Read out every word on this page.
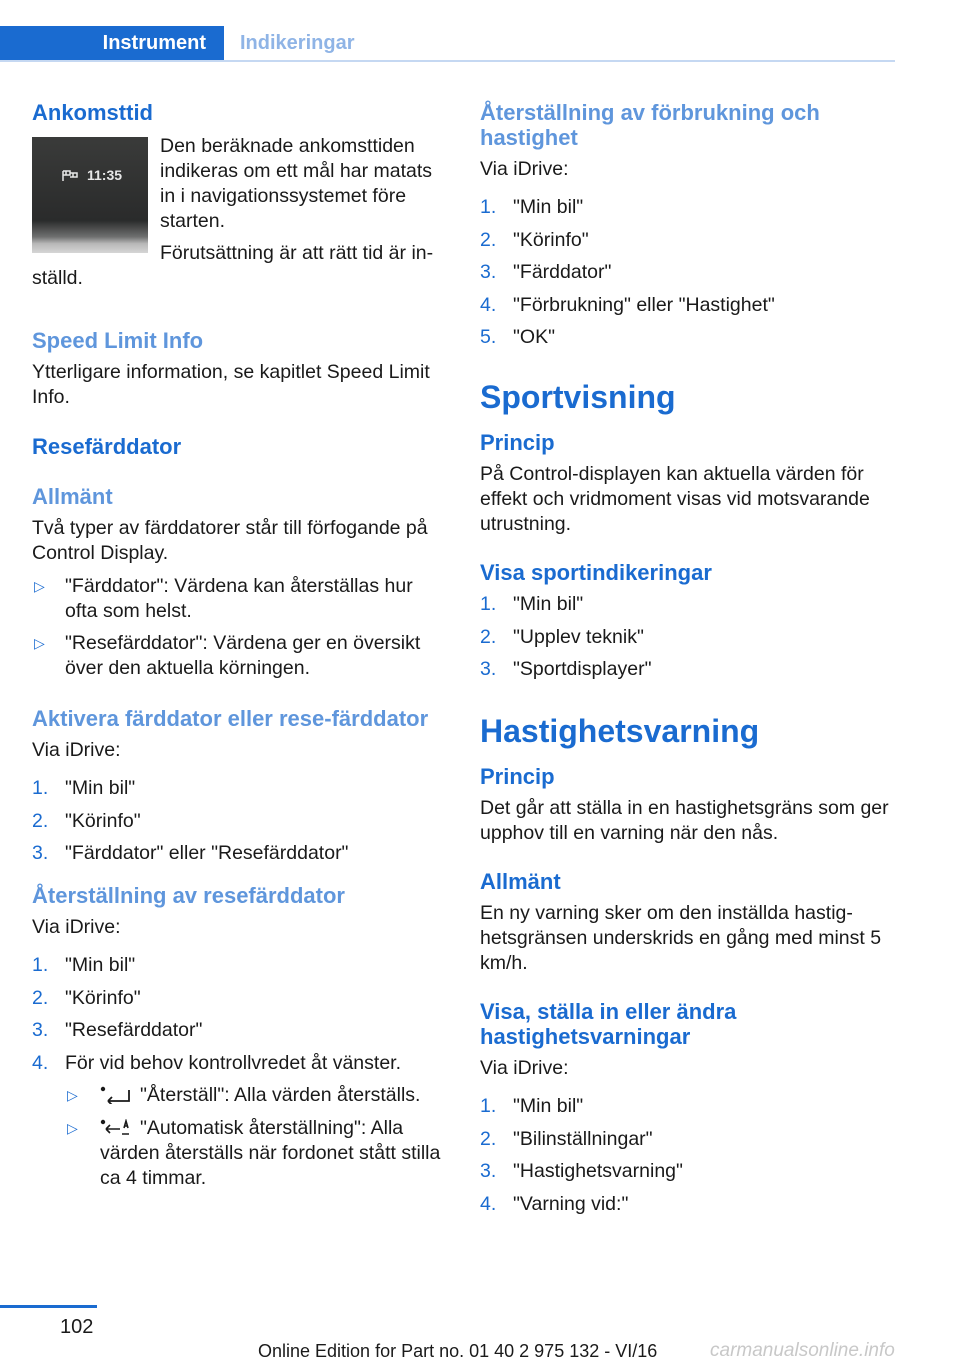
Instrument	Indikeringar
Ankomsttid
11:35

Den beräknade ankomsttiden indikeras om ett mål har matats in i navigationssystemet före starten.

Förutsättning är att rätt tid är in-ställd.

Speed Limit Info

Ytterligare information, se kapitlet Speed Limit Info.

Resefärddator
Allmänt

Två typer av färddatorer står till förfogande på Control Display.

▷ "Färddator": Värdena kan återställas hur ofta som helst.
▷ "Resefärddator": Värdena ger en översikt över den aktuella körningen.
Aktivera färddator eller rese-färddator

Via iDrive:

1. "Min bil"
2. "Körinfo"
3. "Färddator" eller "Resefärddator"
Återställning av resefärddator

Via iDrive:

1. "Min bil"
2. "Körinfo"
3. "Resefärddator"
4. För vid behov kontrollvredet åt vänster.
▷	"Återställ": Alla värden återställs.
▷	"Automatisk återställning": Alla värden återställs när fordonet stått stilla ca 4 timmar.
Återställning av förbrukning och hastighet

Via iDrive:

1. "Min bil"
2. "Körinfo"
3. "Färddator"
4. "Förbrukning" eller "Hastighet"
5. "OK"
Sportvisning
Princip

På Control-displayen kan aktuella värden för effekt och vridmoment visas vid motsvarande utrustning.

Visa sportindikeringar
1. "Min bil"
2. "Upplev teknik"
3. "Sportdisplayer"
Hastighetsvarning
Princip

Det går att ställa in en hastighetsgräns som ger upphov till en varning när den nås.

Allmänt

En ny varning sker om den inställda hastig-hetsgränsen underskrids en gång med minst 5 km/h.

Visa, ställa in eller ändra hastighetsvarningar

Via iDrive:

1. "Min bil"
2. "Bilinställningar"
3. "Hastighetsvarning"
4. "Varning vid:"
102
Online Edition for Part no. 01 40 2 975 132 - VI/16	carmanualsonline.info
